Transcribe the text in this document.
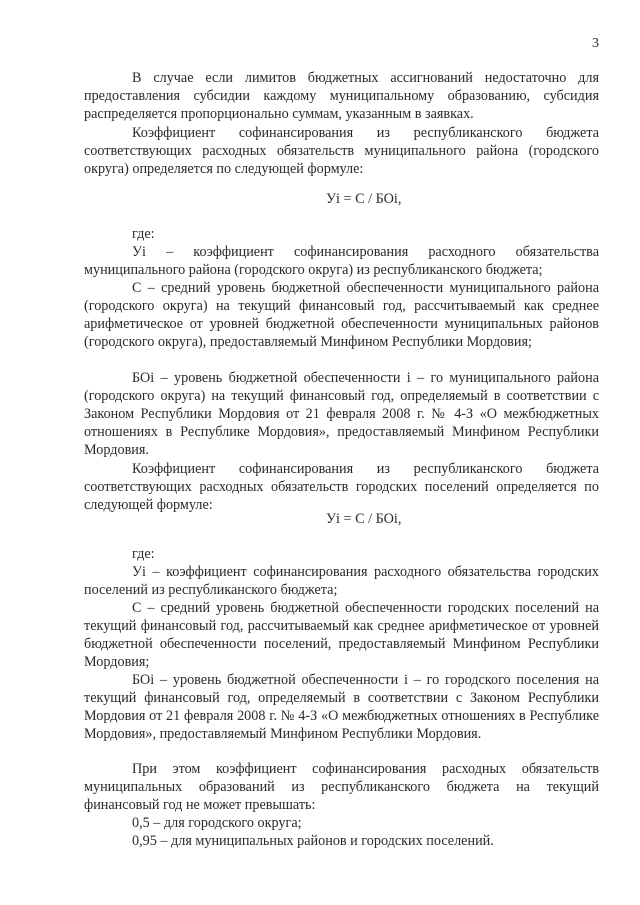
3

В случае если лимитов бюджетных ассигнований недостаточно для предоставления субсидии каждому муниципальному образованию, субсидия распределяется пропорционально суммам, указанным в заявках.

Коэффициент софинансирования из республиканского бюджета соответствующих расходных обязательств муниципального района (городского округа) определяется по следующей формуле:

Уi = С / БОi,
где:

Уi – коэффициент софинансирования расходного обязательства муниципального района (городского округа) из республиканского бюджета;

С – средний уровень бюджетной обеспеченности муниципального района (городского округа) на текущий финансовый год, рассчитываемый как среднее арифметическое от уровней бюджетной обеспеченности муниципальных районов (городского округа), предоставляемый Минфином Республики Мордовия;

БОi – уровень бюджетной обеспеченности i – го муниципального района (городского округа) на текущий финансовый год, определяемый в соответствии с Законом Республики Мордовия от 21 февраля 2008 г. № 4-З «О межбюджетных отношениях в Республике Мордовия», предоставляемый Минфином Республики Мордовия.

Коэффициент софинансирования из республиканского бюджета соответствующих расходных обязательств городских поселений определяется по следующей формуле:

Уi = С / БОi,
где:

Уi – коэффициент софинансирования расходного обязательства городских поселений из республиканского бюджета;

С – средний уровень бюджетной обеспеченности городских поселений на текущий финансовый год, рассчитываемый как среднее арифметическое от уровней бюджетной обеспеченности поселений, предоставляемый Минфином Республики Мордовия;

БОi – уровень бюджетной обеспеченности i – го городского поселения на текущий финансовый год, определяемый в соответствии с Законом Республики Мордовия от 21 февраля 2008 г. № 4-З «О межбюджетных отношениях в Республике Мордовия», предоставляемый Минфином Республики Мордовия.

При этом коэффициент софинансирования расходных обязательств муниципальных образований из республиканского бюджета на текущий финансовый год не может превышать:

0,5 – для городского округа;

0,95 – для муниципальных районов и городских поселений.
